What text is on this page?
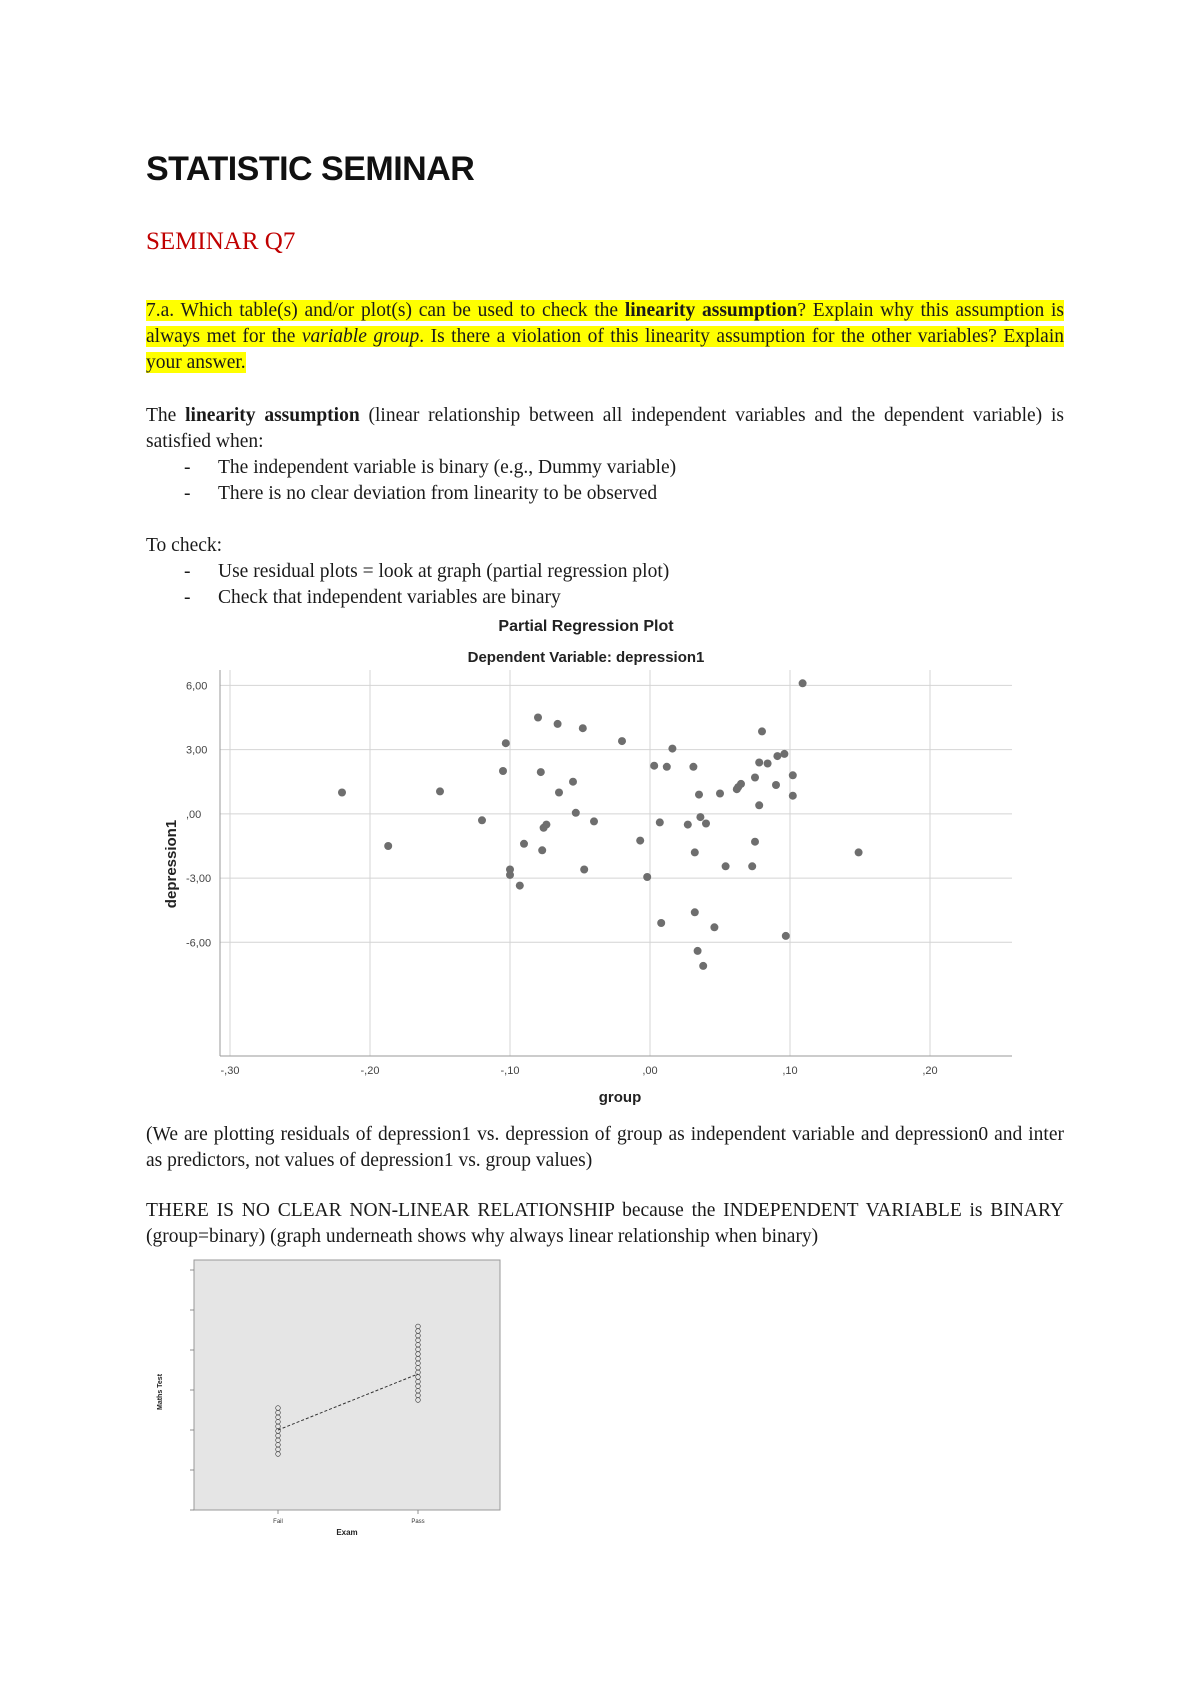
STATISTIC SEMINAR
SEMINAR Q7
7.a. Which table(s) and/or plot(s) can be used to check the linearity assumption? Explain why this assumption is always met for the variable group. Is there a violation of this linearity assumption for the other variables? Explain your answer.
The linearity assumption (linear relationship between all independent variables and the dependent variable) is satisfied when:
- The independent variable is binary (e.g., Dummy variable)
- There is no clear deviation from linearity to be observed
To check:
- Use residual plots = look at graph (partial regression plot)
- Check that independent variables are binary
Partial Regression Plot
Dependent Variable: depression1
6,00
3,00
,00
-3,00
-6,00
-,30	-,20	-,10	,00	,10	,20
depression1
group
(We are plotting residuals of depression1 vs. depression of group as independent variable and depression0 and inter as predictors, not values of depression1 vs. group values)
THERE IS NO CLEAR NON-LINEAR RELATIONSHIP because the INDEPENDENT VARIABLE is BINARY (group=binary) (graph underneath shows why always linear relationship when binary)
Fail	Pass
Maths Test
Exam
